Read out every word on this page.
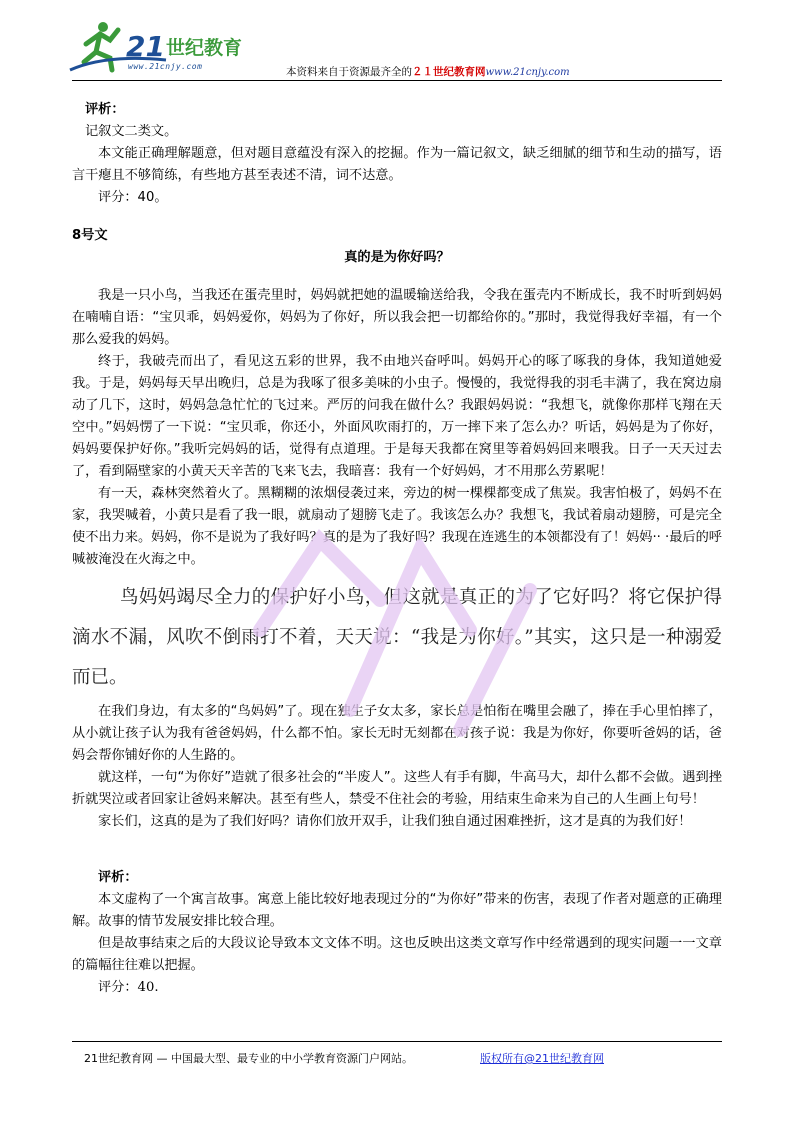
21 世纪教育
www.21cnjy.com	本资料来自于资源最齐全的２１世纪教育网www.21cnjy.com

评析：

记叙文二类文。

本文能正确理解题意，但对题目意蕴没有深入的挖掘。作为一篇记叙文，缺乏细腻的细节和生动的描写，语言干瘪且不够简练，有些地方甚至表述不清，词不达意。

评分：40。

8号文

真的是为你好吗？

我是一只小鸟，当我还在蛋壳里时，妈妈就把她的温暖输送给我，令我在蛋壳内不断成长，我不时听到妈妈在喃喃自语：“宝贝乖，妈妈爱你，妈妈为了你好，所以我会把一切都给你的。”那时，我觉得我好幸福，有一个那么爱我的妈妈。

终于，我破壳而出了，看见这五彩的世界，我不由地兴奋呼叫。妈妈开心的啄了啄我的身体，我知道她爱我。于是，妈妈每天早出晚归，总是为我啄了很多美味的小虫子。慢慢的，我觉得我的羽毛丰满了，我在窝边扇动了几下，这时，妈妈急急忙忙的飞过来。严厉的问我在做什么？我跟妈妈说：“我想飞，就像你那样飞翔在天空中。”妈妈愣了一下说：“宝贝乖，你还小，外面风吹雨打的，万一摔下来了怎么办？听话，妈妈是为了你好，妈妈要保护好你。”我听完妈妈的话，觉得有点道理。于是每天我都在窝里等着妈妈回来喂我。日子一天天过去了，看到隔壁家的小黄天天辛苦的飞来飞去，我暗喜：我有一个好妈妈，才不用那么劳累呢！

有一天，森林突然着火了。黑糊糊的浓烟侵袭过来，旁边的树一棵棵都变成了焦炭。我害怕极了，妈妈不在家，我哭喊着，小黄只是看了我一眼，就扇动了翅膀飞走了。我该怎么办？我想飞，我试着扇动翅膀，可是完全使不出力来。妈妈，你不是说为了我好吗？真的是为了我好吗？我现在连逃生的本领都没有了！妈妈·· ·最后的呼喊被淹没在火海之中。

鸟妈妈竭尽全力的保护好小鸟，但这就是真正的为了它好吗？将它保护得滴水不漏，风吹不倒雨打不着，天天说：“我是为你好。”其实，这只是一种溺爱而已。

在我们身边，有太多的“鸟妈妈”了。现在独生子女太多，家长总是怕衔在嘴里会融了，捧在手心里怕摔了，从小就让孩子认为我有爸爸妈妈，什么都不怕。家长无时无刻都在对孩子说：我是为你好，你要听爸妈的话，爸妈会帮你铺好你的人生路的。

就这样，一句“为你好”造就了很多社会的“半废人”。这些人有手有脚，牛高马大，却什么都不会做。遇到挫折就哭泣或者回家让爸妈来解决。甚至有些人，禁受不住社会的考验，用结束生命来为自己的人生画上句号！

家长们，这真的是为了我们好吗？请你们放开双手，让我们独自通过困难挫折，这才是真的为我们好！

评析：

本文虚构了一个寓言故事。寓意上能比较好地表现过分的“为你好”带来的伤害，表现了作者对题意的正确理解。故事的情节发展安排比较合理。

但是故事结束之后的大段议论导致本文文体不明。这也反映出这类文章写作中经常遇到的现实问题一一文章的篇幅往往难以把握。

评分：40.

21世纪教育网 — 中国最大型、最专业的中小学教育资源门户网站。	版权所有@21世纪教育网
